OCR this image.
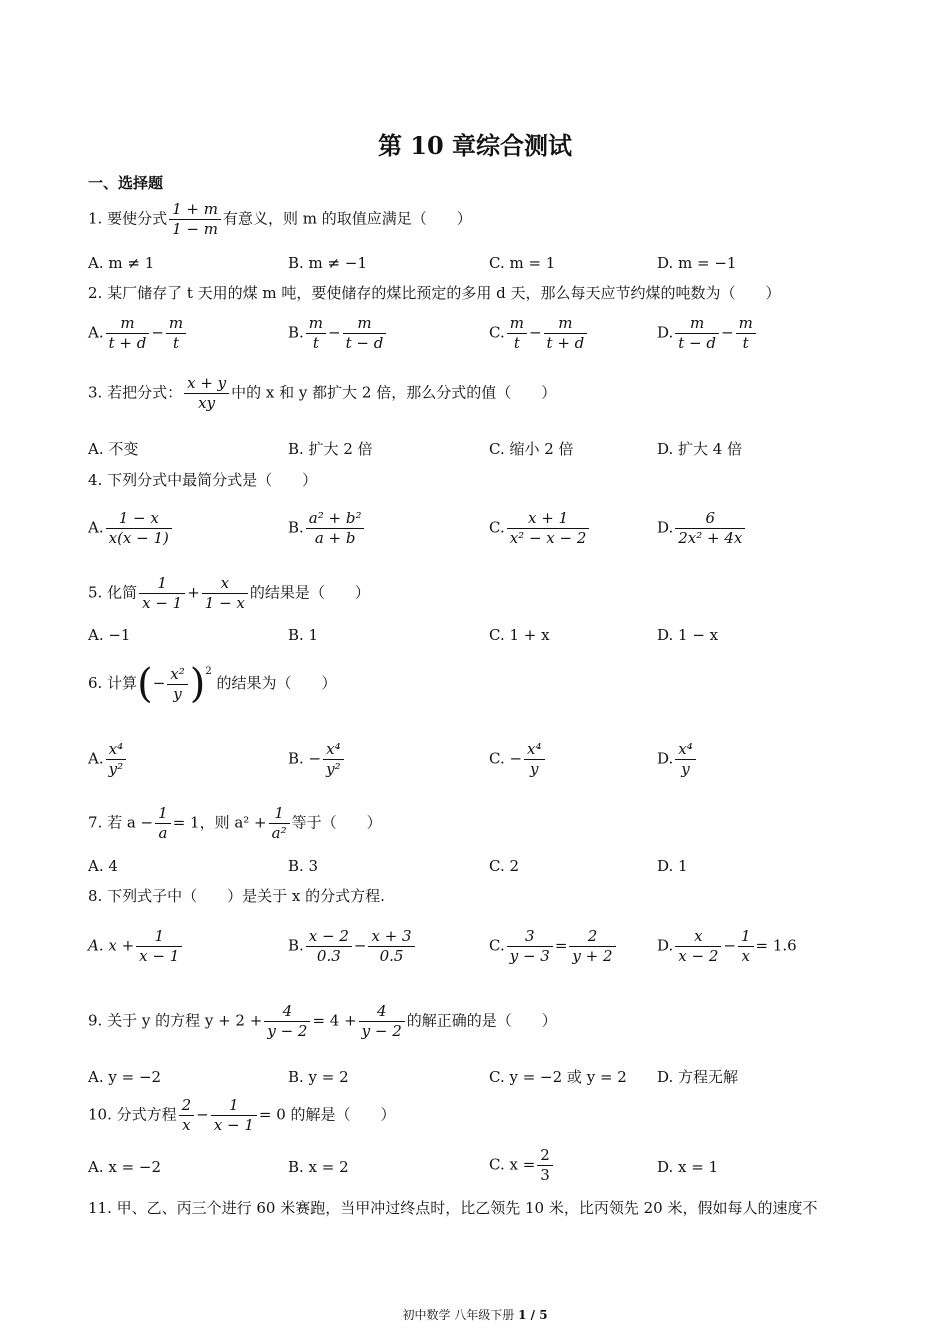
第 10 章综合测试
一、选择题
1. 要使分式 $\frac{1 + m}{1 - m}$ 有意义，则 m 的取值应满足（　　）
A. m ≠ 1	B. m ≠ −1	C. m = 1	D. m = −1
2. 某厂储存了 t 天用的煤 m 吨，要使储存的煤比预定的多用 d 天，那么每天应节约煤的吨数为（　　）
A. $\frac{m}{t + d} - \frac{m}{t}$	B. $\frac{m}{t} - \frac{m}{t - d}$	C. $\frac{m}{t} - \frac{m}{t + d}$	D. $\frac{m}{t - d} - \frac{m}{t}$
3. 若把分式： $\frac{x + y}{xy}$ 中的 x 和 y 都扩大 2 倍，那么分式的值（　　）
A. 不变	B. 扩大 2 倍	C. 缩小 2 倍	D. 扩大 4 倍
4. 下列分式中最简分式是（　　）
A. $\frac{1 - x}{x(x - 1)}$	B. $\frac{\text{a² + b²}}{a + b}$	C. $\frac{x + 1}{\text{x² − x − 2}}$	D. $\frac{6}{\text{2x² + 4x}}$
5. 化简 $\frac{1}{x - 1} + \frac{x}{1 - x}$ 的结果是（　　）
A. −1	B. 1	C. 1 + x	D. 1 − x
6. 计算(− $\frac{\text{x²}}{y} )^2$ 的结果为（　　）
A. $\frac{\text{x⁴}}{\text{y²}}$	B. − $\frac{\text{x⁴}}{\text{y²}}$	C. − $\frac{\text{x⁴}}{y}$	D. $\frac{\text{x⁴}}{y}$
7. 若 $a - \frac{1}{a} = 1$，则 $a^2 + \frac{1}{\text{a²}}$ 等于（　　）
A. 4	B. 3	C. 2	D. 1
8. 下列式子中（　　）是关于 x 的分式方程.
A. $x + \frac{1}{x - 1}$	B. $\frac{x - 2}{0.3} - \frac{x + 3}{0.5}$	C. $\frac{3}{y - 3} = \frac{2}{y + 2}$	D. $\frac{x}{x - 2} - \frac{1}{x} = 1.6$
9. 关于 y 的方程 $y + 2 + \frac{4}{y - 2} = 4 + \frac{4}{y - 2}$ 的解正确的是（　　）
A. y = −2	B. y = 2	C. y = −2 或 y = 2 D. 方程无解
10. 分式方程 $\frac{2}{x} - \frac{1}{x - 1} = 0$ 的解是（　　）
A. x = −2	B. x = 2	C. $x = \frac{2}{3}$	D. x = 1
11. 甲、乙、丙三个进行 60 米赛跑，当甲冲过终点时，比乙领先 10 米，比丙领先 20 米，假如每人的速度不
初中数学 八年级下册 1 / 5
